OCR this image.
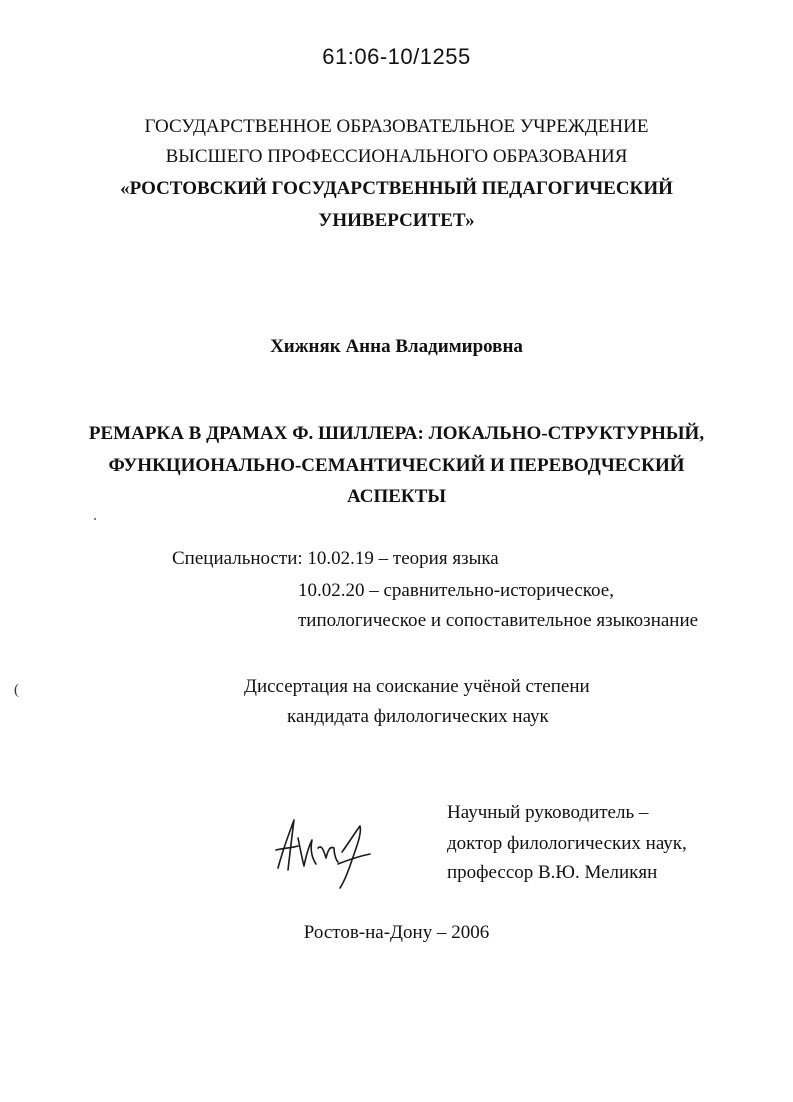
61:06-10/1255
ГОСУДАРСТВЕННОЕ ОБРАЗОВАТЕЛЬНОЕ УЧРЕЖДЕНИЕ
ВЫСШЕГО ПРОФЕССИОНАЛЬНОГО ОБРАЗОВАНИЯ
«РОСТОВСКИЙ ГОСУДАРСТВЕННЫЙ ПЕДАГОГИЧЕСКИЙ
УНИВЕРСИТЕТ»
Хижняк Анна Владимировна
РЕМАРКА В ДРАМАХ Ф. ШИЛЛЕРА: ЛОКАЛЬНО-СТРУКТУРНЫЙ,
ФУНКЦИОНАЛЬНО-СЕМАНТИЧЕСКИЙ И ПЕРЕВОДЧЕСКИЙ
АСПЕКТЫ
Специальности: 10.02.19 – теория языка
10.02.20 – сравнительно-историческое,
типологическое и сопоставительное языкознание
Диссертация на соискание учёной степени
кандидата филологических наук
Научный руководитель –
доктор филологических наук,
профессор В.Ю. Меликян
Ростов-на-Дону – 2006
(
